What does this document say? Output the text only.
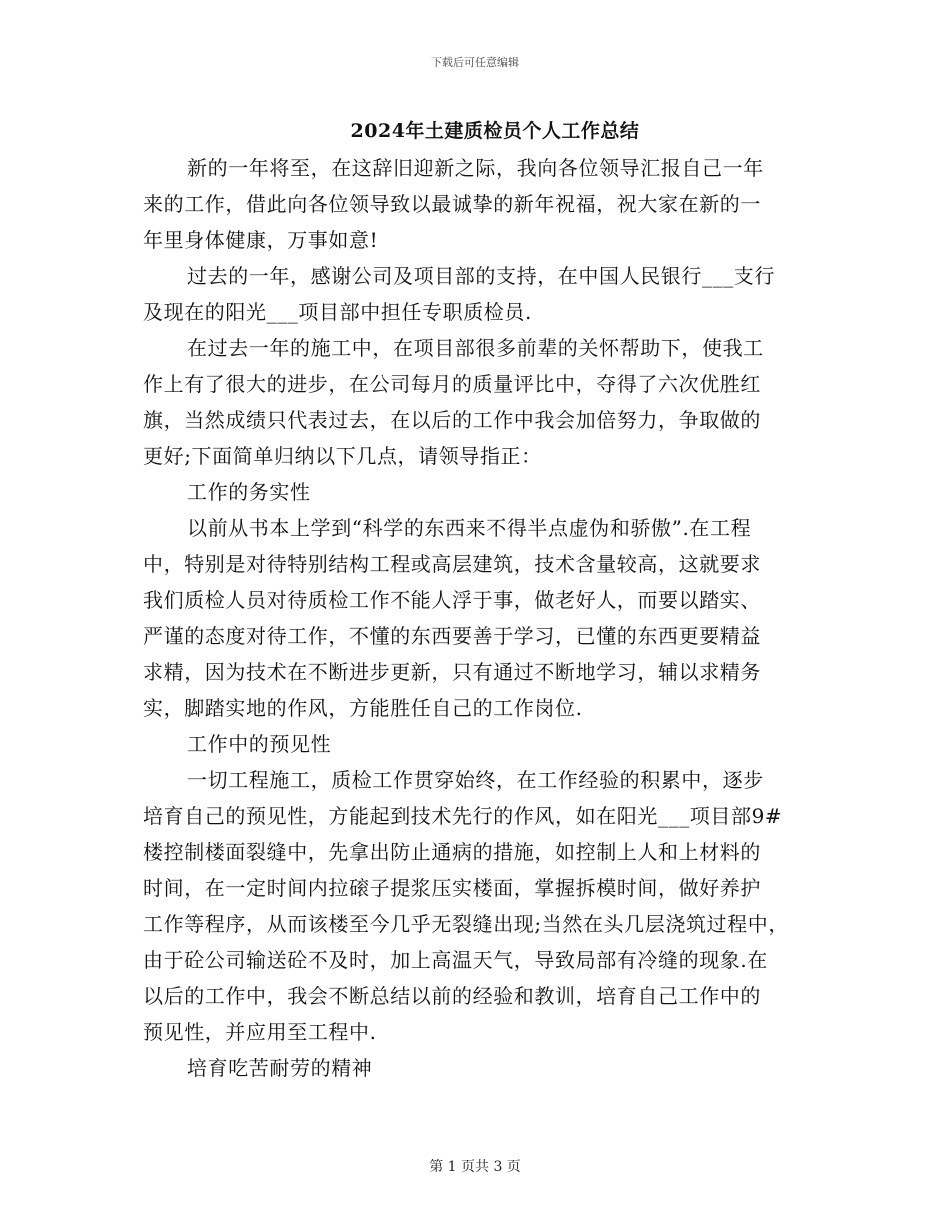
下载后可任意编辑
2024年土建质检员个人工作总结
新的一年将至，在这辞旧迎新之际，我向各位领导汇报自己一年
来的工作，借此向各位领导致以最诚挚的新年祝福，祝大家在新的一
年里身体健康，万事如意!
过去的一年，感谢公司及项目部的支持，在中国人民银行___支行
及现在的阳光___项目部中担任专职质检员.
在过去一年的施工中，在项目部很多前辈的关怀帮助下，使我工
作上有了很大的进步，在公司每月的质量评比中，夺得了六次优胜红
旗，当然成绩只代表过去，在以后的工作中我会加倍努力，争取做的
更好;下面简单归纳以下几点，请领导指正：
工作的务实性
以前从书本上学到“科学的东西来不得半点虚伪和骄傲”.在工程
中，特别是对待特别结构工程或高层建筑，技术含量较高，这就要求
我们质检人员对待质检工作不能人浮于事，做老好人，而要以踏实、
严谨的态度对待工作，不懂的东西要善于学习，已懂的东西更要精益
求精，因为技术在不断进步更新，只有通过不断地学习，辅以求精务
实，脚踏实地的作风，方能胜任自己的工作岗位.
工作中的预见性
一切工程施工，质检工作贯穿始终，在工作经验的积累中，逐步
培育自己的预见性，方能起到技术先行的作风，如在阳光___项目部9#
楼控制楼面裂缝中，先拿出防止通病的措施，如控制上人和上材料的
时间，在一定时间内拉磙子提浆压实楼面，掌握拆模时间，做好养护
工作等程序，从而该楼至今几乎无裂缝出现;当然在头几层浇筑过程中，
由于砼公司输送砼不及时，加上高温天气，导致局部有冷缝的现象.在
以后的工作中，我会不断总结以前的经验和教训，培育自己工作中的
预见性，并应用至工程中.
培育吃苦耐劳的精神
第 1 页共 3 页
